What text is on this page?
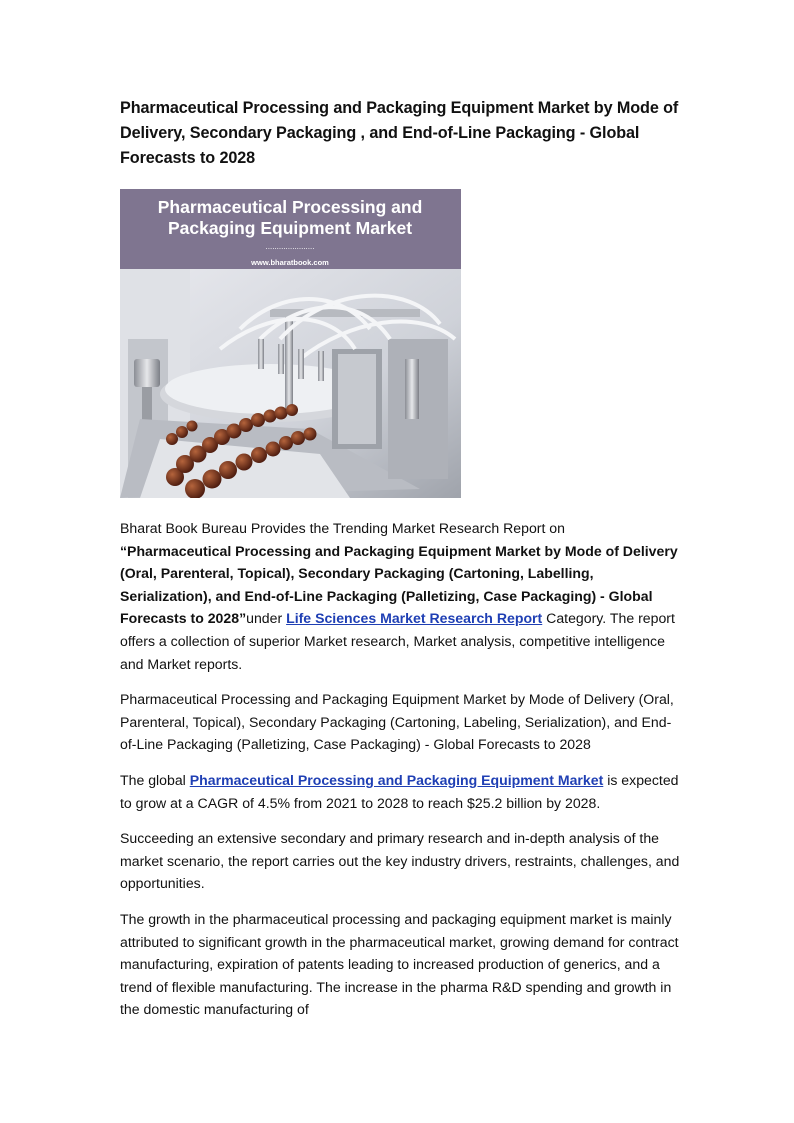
Pharmaceutical Processing and Packaging Equipment Market by Mode of Delivery, Secondary Packaging , and End-of-Line Packaging - Global Forecasts to 2028
Pharmaceutical Processing and
Packaging Equipment Market
......................
www.bharatbook.com

Bharat Book Bureau Provides the Trending Market Research Report on “Pharmaceutical Processing and Packaging Equipment Market by Mode of Delivery (Oral, Parenteral, Topical), Secondary Packaging (Cartoning, Labelling, Serialization), and End-of-Line Packaging (Palletizing, Case Packaging) - Global Forecasts to 2028”under Life Sciences Market Research Report Category. The report offers a collection of superior Market research, Market analysis, competitive intelligence and Market reports.

Pharmaceutical Processing and Packaging Equipment Market by Mode of Delivery (Oral, Parenteral, Topical), Secondary Packaging (Cartoning, Labeling, Serialization), and End-of-Line Packaging (Palletizing, Case Packaging) - Global Forecasts to 2028

The global Pharmaceutical Processing and Packaging Equipment Market is expected to grow at a CAGR of 4.5% from 2021 to 2028 to reach $25.2 billion by 2028.

Succeeding an extensive secondary and primary research and in-depth analysis of the market scenario, the report carries out the key industry drivers, restraints, challenges, and opportunities.

The growth in the pharmaceutical processing and packaging equipment market is mainly attributed to significant growth in the pharmaceutical market, growing demand for contract manufacturing, expiration of patents leading to increased production of generics, and a trend of flexible manufacturing. The increase in the pharma R&D spending and growth in the domestic manufacturing of
